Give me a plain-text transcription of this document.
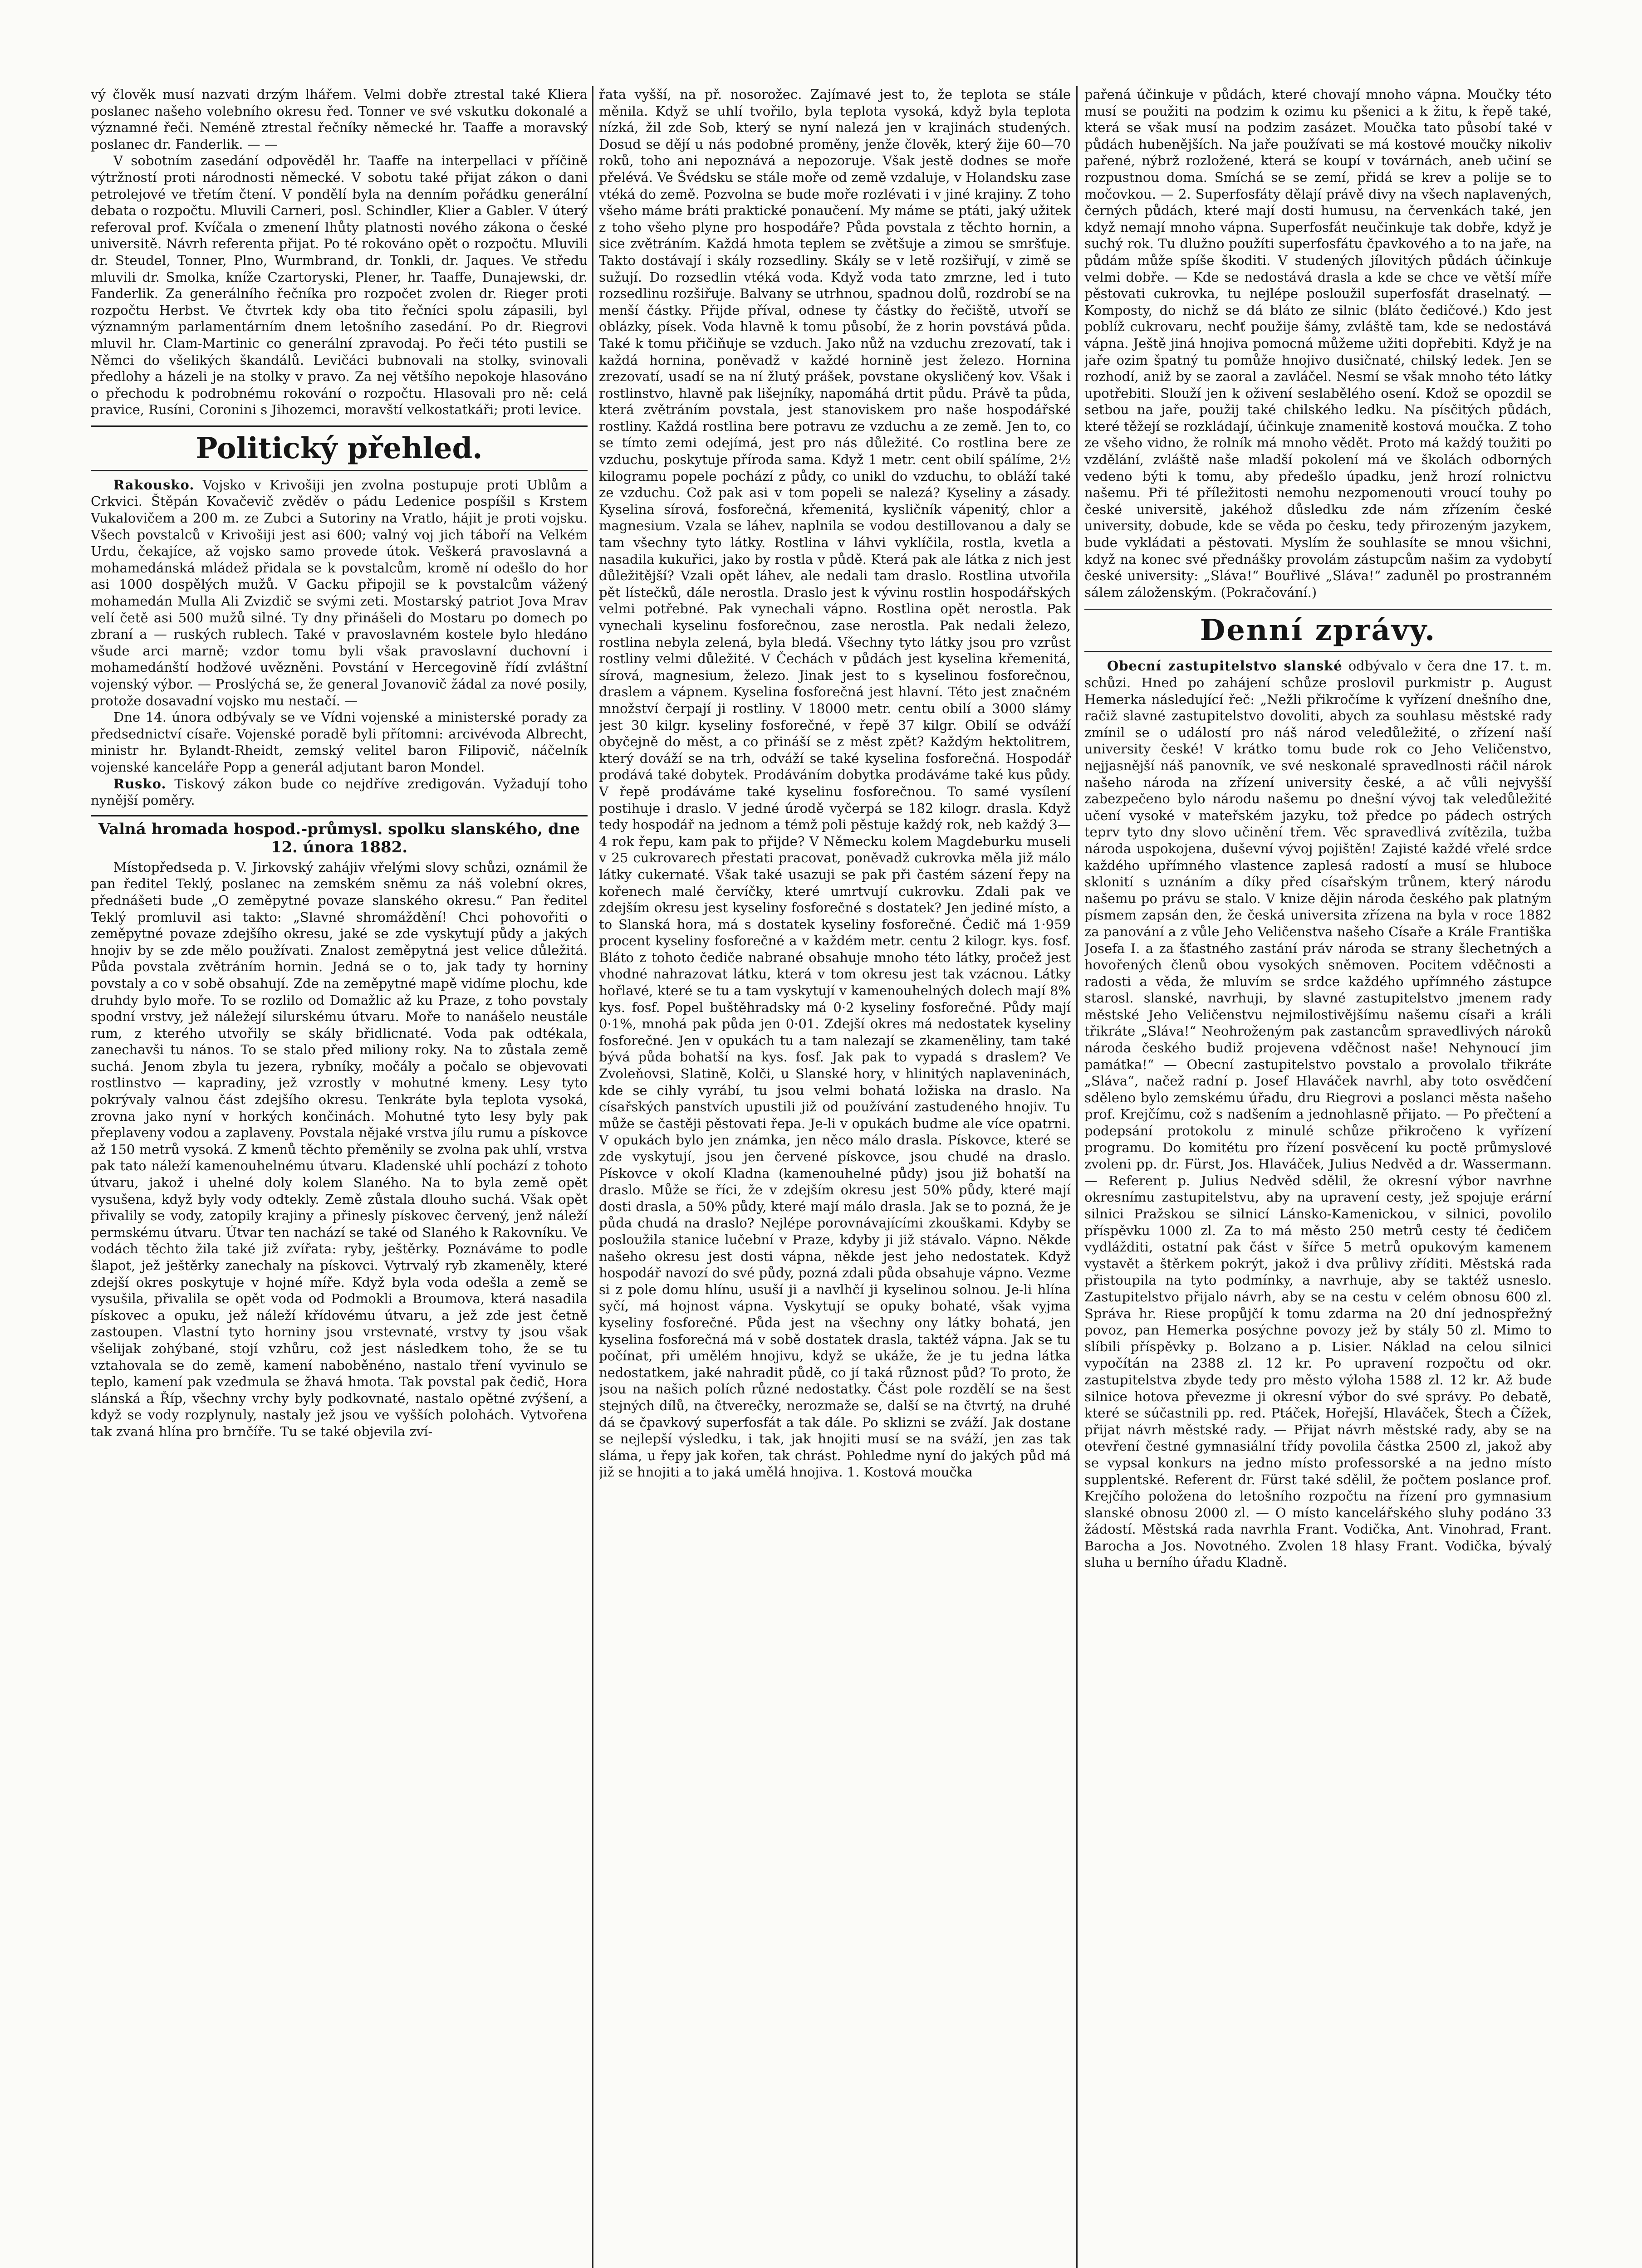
vý člověk musí nazvati drzým lhářem. Velmi dobře ztrestal také Kliera poslanec našeho volebního okresu řed. Tonner ve své vskutku dokonalé a významné řeči. Neméně ztrestal řečníky německé hr. Taaffe a moravský poslanec dr. Fanderlik. — —

V sobotním zasedání odpověděl hr. Taaffe na interpellaci v příčině výtržností proti národnosti německé. V sobotu také přijat zákon o dani petrolejové ve třetím čtení. V pondělí byla na denním pořádku generální debata o rozpočtu. Mluvili Carneri, posl. Schindler, Klier a Gabler. V úterý referoval prof. Kvíčala o zmenení lhůty platnosti nového zákona o české universitě. Návrh referenta přijat. Po té rokováno opět o rozpočtu. Mluvili dr. Steudel, Tonner, Plno, Wurmbrand, dr. Tonkli, dr. Jaques. Ve středu mluvili dr. Smolka, kníže Czartoryski, Plener, hr. Taaffe, Dunajewski, dr. Fanderlik. Za generálního řečníka pro rozpočet zvolen dr. Rieger proti rozpočtu Herbst. Ve čtvrtek kdy oba tito řečníci spolu zápasili, byl významným parlamentárním dnem letošního zasedání. Po dr. Riegrovi mluvil hr. Clam-Martinic co generální zpravodaj. Po řeči této pustili se Němci do všelikých škandálů. Levičáci bubnovali na stolky, svinovali předlohy a házeli je na stolky v pravo. Za nej většího nepokoje hlasováno o přechodu k podrobnému rokování o rozpočtu. Hlasovali pro ně: celá pravice, Rusíni, Coronini s Jihozemci, moravští velkostatkáři; proti levice.

Politický přehled.

Rakousko. Vojsko v Krivošiji jen zvolna postupuje proti Ublům a Crkvici. Štěpán Kovačevič zvěděv o pádu Ledenice pospíšil s Krstem Vukalovičem a 200 m. ze Zubci a Sutoriny na Vratlo, hájit je proti vojsku. Všech povstalců v Krivošiji jest asi 600; valný voj jich táboří na Velkém Urdu, čekajíce, až vojsko samo provede útok. Veškerá pravoslavná a mohamedánská mládež přidala se k povstalcům, kromě ní odešlo do hor asi 1000 dospělých mužů. V Gacku připojil se k povstalcům vážený mohamedán Mulla Ali Zvizdič se svými zeti. Mostarský patriot Jova Mrav velí četě asi 500 mužů silné. Ty dny přinášeli do Mostaru po domech po zbraní a — ruských rublech. Také v pravoslavném kostele bylo hledáno všude arci marně; vzdor tomu byli však pravoslavní duchovní i mohamedánští hodžové uvězněni. Povstání v Hercegovině řídí zvláštní vojenský výbor. — Proslýchá se, že general Jovanovič žádal za nové posily, protože dosavadní vojsko mu nestačí. —

Dne 14. února odbývaly se ve Vídni vojenské a ministerské porady za předsednictví císaře. Vojenské poradě byli přítomni: arcivévoda Albrecht, ministr hr. Bylandt-Rheidt, zemský velitel baron Filipovič, náčelník vojenské kanceláře Popp a generál adjutant baron Mondel.

Rusko. Tiskový zákon bude co nejdříve zredigován. Vyžadují toho nynější poměry.

Valná hromada hospod.-průmysl. spolku slanského, dne 12. února 1882.

Místopředseda p. V. Jirkovský zahájiv vřelými slovy schůzi, oznámil že pan ředitel Teklý, poslanec na zemském sněmu za náš volební okres, přednášeti bude „O zeměpytné povaze slanského okresu.“ Pan ředitel Teklý promluvil asi takto: „Slavné shromáždění! Chci pohovořiti o zeměpytné povaze zdejšího okresu, jaké se zde vyskytují půdy a jakých hnojiv by se zde mělo používati. Znalost zeměpytná jest velice důležitá. Půda povstala zvětráním hornin. Jedná se o to, jak tady ty horniny povstaly a co v sobě obsahují. Zde na zeměpytné mapě vidíme plochu, kde druhdy bylo moře. To se rozlilo od Domažlic až ku Praze, z toho povstaly spodní vrstvy, jež náležejí silurskému útvaru. Moře to nanášelo neustále rum, z kterého utvořily se skály břidlicnaté. Voda pak odtékala, zanechavši tu nános. To se stalo před miliony roky. Na to zůstala země suchá. Jenom zbyla tu jezera, rybníky, močály a počalo se objevovati rostlinstvo — kapradiny, jež vzrostly v mohutné kmeny. Lesy tyto pokrývaly valnou část zdejšího okresu. Tenkráte byla teplota vysoká, zrovna jako nyní v horkých končinách. Mohutné tyto lesy byly pak přeplaveny vodou a zaplaveny. Povstala nějaké vrstva jílu rumu a pískovce až 150 metrů vysoká. Z kmenů těchto přeměnily se zvolna pak uhlí, vrstva pak tato náleží kamenouhelnému útvaru. Kladenské uhlí pochází z tohoto útvaru, jakož i uhelné doly kolem Slaného. Na to byla země opět vysušena, když byly vody odtekly. Země zůstala dlouho suchá. Však opět přivalily se vody, zatopily krajiny a přinesly pískovec červený, jenž náleží permskému útvaru. Útvar ten nachází se také od Slaného k Rakovníku. Ve vodách těchto žila také již zvířata: ryby, ještěrky. Poznáváme to podle šlapot, jež ještěrky zanechaly na pískovci. Vytrvalý ryb zkameněly, které zdejší okres poskytuje v hojné míře. Když byla voda odešla a země se vysušila, přivalila se opět voda od Podmokli a Broumova, která nasadila pískovec a opuku, jež náleží křídovému útvaru, a jež zde jest četně zastoupen. Vlastní tyto horniny jsou vrstevnaté, vrstvy ty jsou však všelijak zohýbané, stojí vzhůru, což jest následkem toho, že se tu vztahovala se do země, kamení naboběnéno, nastalo tření vyvinulo se teplo, kamení pak vzedmula se žhavá hmota. Tak povstal pak čedič, Hora slánská a Říp, všechny vrchy byly podkovnaté, nastalo opětné zvýšení, a když se vody rozplynuly, nastaly jež jsou ve vyšších polohách. Vytvořena tak zvaná hlína pro brnčíře. Tu se také objevila zví-

řata vyšší, na př. nosorožec. Zajímavé jest to, že teplota se stále měnila. Když se uhlí tvořilo, byla teplota vysoká, když byla teplota nízká, žil zde Sob, který se nyní nalezá jen v krajinách studených. Dosud se dějí u nás podobné proměny, jenže člověk, který žije 60—70 roků, toho ani nepoznává a nepozoruje. Však jestě dodnes se moře přelévá. Ve Švédsku se stále moře od země vzdaluje, v Holandsku zase vtéká do země. Pozvolna se bude moře rozlévati i v jiné krajiny. Z toho všeho máme bráti praktické ponaučení. My máme se ptáti, jaký užitek z toho všeho plyne pro hospodáře? Půda povstala z těchto hornin, a sice zvětráním. Každá hmota teplem se zvětšuje a zimou se smršťuje. Takto dostávají i skály rozsedliny. Skály se v letě rozšiřují, v zimě se sužují. Do rozsedlin vtéká voda. Když voda tato zmrzne, led i tuto rozsedlinu rozšiřuje. Balvany se utrhnou, spadnou dolů, rozdrobí se na menší částky. Přijde příval, odnese ty částky do řečiště, utvoří se oblázky, písek. Voda hlavně k tomu působí, že z horin povstává půda. Také k tomu přičiňuje se vzduch. Jako nůž na vzduchu zrezovatí, tak i každá hornina, poněvadž v každé hornině jest železo. Hornina zrezovatí, usadí se na ní žlutý prášek, povstane okysličený kov. Však i rostlinstvo, hlavně pak lišejníky, napomáhá drtit půdu. Právě ta půda, která zvětráním povstala, jest stanoviskem pro naše hospodářské rostliny. Každá rostlina bere potravu ze vzduchu a ze země. Jen to, co se tímto zemi odejímá, jest pro nás důležité. Co rostlina bere ze vzduchu, poskytuje příroda sama. Když 1 metr. cent obilí spálíme, 2½ kilogramu popele pochází z půdy, co unikl do vzduchu, to obláží také ze vzduchu. Což pak asi v tom popeli se nalezá? Kyseliny a zásady. Kyselina sírová, fosforečná, křemenitá, kysličník vápenitý, chlor a magnesium. Vzala se láhev, naplnila se vodou destillovanou a daly se tam všechny tyto látky. Rostlina v láhvi vyklíčila, rostla, kvetla a nasadila kukuřici, jako by rostla v půdě. Která pak ale látka z nich jest důležitější? Vzali opět láhev, ale nedali tam draslo. Rostlina utvořila pět lístečků, dále nerostla. Draslo jest k vývinu rostlin hospodářských velmi potřebné. Pak vynechali vápno. Rostlina opět nerostla. Pak vynechali kyselinu fosforečnou, zase nerostla. Pak nedali železo, rostlina nebyla zelená, byla bledá. Všechny tyto látky jsou pro vzrůst rostliny velmi důležité. V Čechách v půdách jest kyselina křemenitá, sírová, magnesium, železo. Jinak jest to s kyselinou fosforečnou, draslem a vápnem. Kyselina fosforečná jest hlavní. Této jest značném množství čerpají ji rostliny. V 18000 metr. centu obilí a 3000 slámy jest 30 kilgr. kyseliny fosforečné, v řepě 37 kilgr. Obilí se odváží obyčejně do měst, a co přináší se z měst zpět? Každým hektolitrem, který dováží se na trh, odváží se také kyselina fosforečná. Hospodář prodává také dobytek. Prodáváním dobytka prodáváme také kus půdy. V řepě prodáváme také kyselinu fosforečnou. To samé vysílení postihuje i draslo. V jedné úrodě vyčerpá se 182 kilogr. drasla. Když tedy hospodář na jednom a témž poli pěstuje každý rok, neb každý 3—4 rok řepu, kam pak to přijde? V Německu kolem Magdeburku museli v 25 cukrovarech přestati pracovat, poněvadž cukrovka měla již málo látky cukernaté. Však také usazuji se pak při častém sázení řepy na kořenech malé červíčky, které umrtvují cukrovku. Zdali pak ve zdejším okresu jest kyseliny fosforečné s dostatek? Jen jediné místo, a to Slanská hora, má s dostatek kyseliny fosforečné. Čedič má 1·959 procent kyseliny fosforečné a v každém metr. centu 2 kilogr. kys. fosf. Bláto z tohoto čediče nabrané obsahuje mnoho této látky, pročež jest vhodné nahrazovat látku, která v tom okresu jest tak vzácnou. Látky hořlavé, které se tu a tam vyskytují v kamenouhelných dolech mají 8% kys. fosf. Popel buštěhradsky má 0·2 kyseliny fosforečné. Půdy mají 0·1%, mnohá pak půda jen 0·01. Zdejší okres má nedostatek kyseliny fosforečné. Jen v opukách tu a tam nalezají se zkameněliny, tam také bývá půda bohatší na kys. fosf. Jak pak to vypadá s draslem? Ve Zvoleňovsi, Slatině, Kolči, u Slanské hory, v hlinitých naplaveninách, kde se cihly vyrábí, tu jsou velmi bohatá ložiska na draslo. Na císařských panstvích upustili již od používání zastudeného hnojiv. Tu může se častěji pěstovati řepa. Je-li v opukách budme ale více opatrni. V opukách bylo jen známka, jen něco málo drasla. Pískovce, které se zde vyskytují, jsou jen červené pískovce, jsou chudé na draslo. Pískovce v okolí Kladna (kamenouhelné půdy) jsou již bohatší na draslo. Může se říci, že v zdejším okresu jest 50% půdy, které mají dosti drasla, a 50% půdy, které mají málo drasla. Jak se to pozná, že je půda chudá na draslo? Nejlépe porovnávajícími zkouškami. Kdyby se posloužila stanice lučební v Praze, kdyby ji již stávalo. Vápno. Někde našeho okresu jest dosti vápna, někde jest jeho nedostatek. Když hospodář navozí do své půdy, pozná zdali půda obsahuje vápno. Vezme si z pole domu hlínu, usuší ji a navlhčí ji kyselinou solnou. Je-li hlína syčí, má hojnost vápna. Vyskytují se opuky bohaté, však vyjma kyseliny fosforečné. Půda jest na všechny ony látky bohatá, jen kyselina fosforečná má v sobě dostatek drasla, taktéž vápna. Jak se tu počínat, při umělém hnojivu, když se ukáže, že je tu jedna látka nedostatkem, jaké nahradit půdě, co jí taká různost půd? To proto, že jsou na našich polích různé nedostatky. Část pole rozdělí se na šest stejných dílů, na čtverečky, nerozmaže se, další se na čtvrtý, na druhé dá se čpavkový superfosfát a tak dále. Po sklizni se zváží. Jak dostane se nejlepší výsledku, i tak, jak hnojiti musí se na sváží, jen zas tak sláma, u řepy jak kořen, tak chrást. Pohledme nyní do jakých půd má již se hnojiti a to jaká umělá hnojiva. 1. Kostová moučka

pařená účinkuje v půdách, které chovají mnoho vápna. Moučky této musí se použiti na podzim k ozimu ku pšenici a k žitu, k řepě také, která se však musí na podzim zasázet. Moučka tato působí také v půdách hubenějších. Na jaře používati se má kostové moučky nikoliv pařené, nýbrž rozložené, která se koupí v továrnách, aneb učiní se rozpustnou doma. Smíchá se se zemí, přidá se krev a polije se to močovkou. — 2. Superfosfáty dělají právě divy na všech naplavených, černých půdách, které mají dosti humusu, na červenkách také, jen když nemají mnoho vápna. Superfosfát neučinkuje tak dobře, když je suchý rok. Tu dlužno použíti superfosfátu čpavkového a to na jaře, na půdám může spíše škoditi. V studených jílovitých půdách účinkuje velmi dobře. — Kde se nedostává drasla a kde se chce ve větší míře pěstovati cukrovka, tu nejlépe posloužil superfosfát draselnatý. — Komposty, do nichž se dá bláto ze silnic (bláto čedičové.) Kdo jest poblíž cukrovaru, nechť použije šámy, zvláště tam, kde se nedostává vápna. Ještě jiná hnojiva pomocná můžeme užiti dopřebiti. Když je na jaře ozim špatný tu pomůže hnojivo dusičnaté, chilský ledek. Jen se rozhodí, aniž by se zaoral a zavláčel. Nesmí se však mnoho této látky upotřebiti. Slouží jen k oživení seslabělého osení. Kdož se opozdil se setbou na jaře, použij také chilského ledku. Na písčitých půdách, které těžejí se rozkládají, účinkuje znamenitě kostová moučka. Z toho ze všeho vidno, že rolník má mnoho vědět. Proto má každý toužiti po vzdělání, zvláště naše mladší pokolení má ve školách odborných vedeno býti k tomu, aby předešlo úpadku, jenž hrozí rolnictvu našemu. Při té příležitosti nemohu nezpomenouti vroucí touhy po české universitě, jakéhož důsledku zde nám zřízením české university, dobude, kde se věda po česku, tedy přirozeným jazykem, bude vykládati a pěstovati. Myslím že souhlasíte se mnou všichni, když na konec své přednášky provolám zástupcům našim za vydobytí české university: „Sláva!“ Bouřlivé „Sláva!“ zaduněl po prostranném sálem záloženským. (Pokračování.)

Denní zprávy.

Obecní zastupitelstvo slanské odbývalo v čera dne 17. t. m. schůzi. Hned po zahájení schůze proslovil purkmistr p. August Hemerka následující řeč: „Nežli přikročíme k vyřízení dnešního dne, račiž slavné zastupitelstvo dovoliti, abych za souhlasu městské rady zmínil se o událostí pro náš národ veledůležité, o zřízení naší university české! V krátko tomu bude rok co Jeho Veličenstvo, nejjasnější náš panovník, ve své neskonalé spravedlnosti ráčil nárok našeho národa na zřízení university české, a ač vůli nejvyšší zabezpečeno bylo národu našemu po dnešní vývoj tak veledůležité učení vysoké v mateřském jazyku, tož předce po pádech ostrých teprv tyto dny slovo učinění třem. Věc spravedlivá zvítězila, tužba národa uspokojena, duševní vývoj pojištěn! Zajisté každé vřelé srdce každého upřímného vlastence zaplesá radostí a musí se hluboce sklonití s uznáním a díky před císařským trůnem, který národu našemu po právu se stalo. V knize dějin národa českého pak platným písmem zapsán den, že česká universita zřízena na byla v roce 1882 za panování a z vůle Jeho Veličenstva našeho Císaře a Krále Františka Josefa I. a za šťastného zastání práv národa se strany šlechetných a hovořených členů obou vysokých sněmoven. Pocitem vděčnosti a radosti a věda, že mluvím se srdce každého upřímného zástupce starosl. slanské, navrhuji, by slavné zastupitelstvo jmenem rady městské Jeho Veličenstvu nejmilostivějšímu našemu císaři a králi třikráte „Sláva!“ Neohroženým pak zastancům spravedlivých nároků národa českého budiž projevena vděčnost naše! Nehynoucí jim památka!“ — Obecní zastupitelstvo povstalo a provolalo třikráte „Sláva“, načež radní p. Josef Hlaváček navrhl, aby toto osvědčení sděleno bylo zemskému úřadu, dru Riegrovi a poslanci města našeho prof. Krejčímu, což s nadšením a jednohlasně přijato. — Po přečtení a podepsání protokolu z minulé schůze přikročeno k vyřízení programu. Do komitétu pro řízení posvěcení ku poctě průmyslové zvoleni pp. dr. Fürst, Jos. Hlaváček, Julius Nedvěd a dr. Wassermann. — Referent p. Julius Nedvěd sdělil, že okresní výbor navrhne okresnímu zastupitelstvu, aby na upravení cesty, jež spojuje erární silnici Pražskou se silnicí Lánsko-Kamenickou, v silnici, povolilo příspěvku 1000 zl. Za to má město 250 metrů cesty té čedičem vydlážditi, ostatní pak část v šířce 5 metrů opukovým kamenem vystavět a štěrkem pokrýt, jakož i dva průlivy zříditi. Městská rada přistoupila na tyto podmínky, a navrhuje, aby se taktéž usneslo. Zastupitelstvo přijalo návrh, aby se na cestu v celém obnosu 600 zl. Správa hr. Riese propůjčí k tomu zdarma na 20 dní jednospřežný povoz, pan Hemerka posýchne povozy jež by stály 50 zl. Mimo to slíbili příspěvky p. Bolzano a p. Lisier. Náklad na celou silnici vypočítán na 2388 zl. 12 kr. Po upravení rozpočtu od okr. zastupitelstva zbyde tedy pro město výloha 1588 zl. 12 kr. Až bude silnice hotova převezme ji okresní výbor do své správy. Po debatě, které se súčastnili pp. red. Ptáček, Hořejší, Hlaváček, Štech a Čížek, přijat návrh městské rady. — Přijat návrh městské rady, aby se na otevření čestné gymnasiální třídy povolila částka 2500 zl, jakož aby se vypsal konkurs na jedno místo professorské a na jedno místo supplentské. Referent dr. Fürst také sdělil, že počtem poslance prof. Krejčího položena do letošního rozpočtu na řízení pro gymnasium slanské obnosu 2000 zl. — O místo kancelářského sluhy podáno 33 žádostí. Městská rada navrhla Frant. Vodička, Ant. Vinohrad, Frant. Barocha a Jos. Novotného. Zvolen 18 hlasy Frant. Vodička, bývalý sluha u berního úřadu Kladně.
